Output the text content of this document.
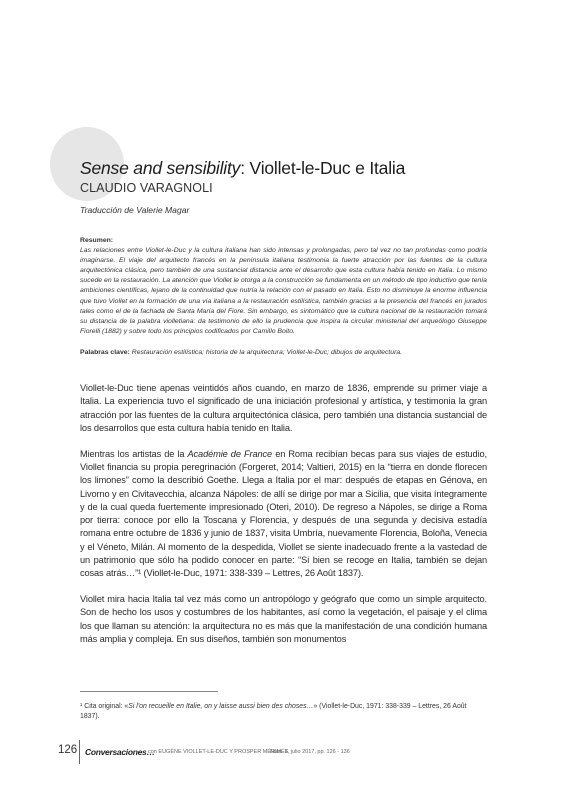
Sense and sensibility: Viollet-le-Duc e Italia
CLAUDIO VARAGNOLI
Traducción de Valerie Magar
Resumen:
Las relaciones entre Viollet-le-Duc y la cultura italiana han sido intensas y prolongadas, pero tal vez no tan profundas como podría imaginarse. El viaje del arquitecto francés en la península italiana testimonia la fuerte atracción por las fuentes de la cultura arquitectónica clásica, pero también de una sustancial distancia ante el desarrollo que esta cultura había tenido en Italia. Lo mismo sucede en la restauración. La atención que Viollet le otorga a la construcción se fundamenta en un método de tipo inductivo que tenía ambiciones científicas, lejano de la continuidad que nutría la relación con el pasado en Italia. Esto no disminuye la enorme influencia que tuvo Viollet en la formación de una vía italiana a la restauración estilística, también gracias a la presencia del francés en jurados tales como el de la fachada de Santa María del Fiore. Sin embargo, es sintomático que la cultura nacional de la restauración tomará su distancia de la palabra violletiana: da testimonio de ello la prudencia que inspira la circular ministerial del arqueólogo Giuseppe Fiorelli (1882) y sobre todo los principios codificados por Camillo Boito.
Palabras clave: Restauración estilística; historia de la arquitectura; Viollet-le-Duc; dibujos de arquitectura.

Viollet-le-Duc tiene apenas veintidós años cuando, en marzo de 1836, emprende su primer viaje a Italia. La experiencia tuvo el significado de una iniciación profesional y artística, y testimonia la gran atracción por las fuentes de la cultura arquitectónica clásica, pero también una distancia sustancial de los desarrollos que esta cultura había tenido en Italia.

Mientras los artistas de la Académie de France en Roma recibían becas para sus viajes de estudio, Viollet financia su propia peregrinación (Forgeret, 2014; Valtieri, 2015) en la “tierra en donde florecen los limones” como la describió Goethe. Llega a Italia por el mar: después de etapas en Génova, en Livorno y en Civitavecchia, alcanza Nápoles: de allí se dirige por mar a Sicilia, que visita íntegramente y de la cual queda fuertemente impresionado (Oteri, 2010). De regreso a Nápoles, se dirige a Roma por tierra: conoce por ello la Toscana y Florencia, y después de una segunda y decisiva estadía romana entre octubre de 1836 y junio de 1837, visita Umbría, nuevamente Florencia, Boloña, Venecia y el Véneto, Milán. Al momento de la despedida, Viollet se siente inadecuado frente a la vastedad de un patrimonio que sólo ha podido conocer en parte: “Si bien se recoge en Italia, también se dejan cosas atrás…”¹ (Viollet-le-Duc, 1971: 338-339 – Lettres, 26 Août 1837).

Viollet mira hacia Italia tal vez más como un antropólogo y geógrafo que como un simple arquitecto. Son de hecho los usos y costumbres de los habitantes, así como la vegetación, el paisaje y el clima los que llaman su atención: la arquitectura no es más que la manifestación de una condición humana más amplia y compleja. En sus diseños, también son monumentos

¹ Cita original: «Si l'on recueille en Italie, on y laisse aussi bien des choses…» (Viollet-le-Duc, 1971: 338-339 – Lettres, 26 Août 1837).
126 Conversaciones…
con EUGÈNE VIOLLET-LE-DUC Y PROSPER MÉRIMÉE
Núm. 3, julio 2017, pp. 126 - 136
